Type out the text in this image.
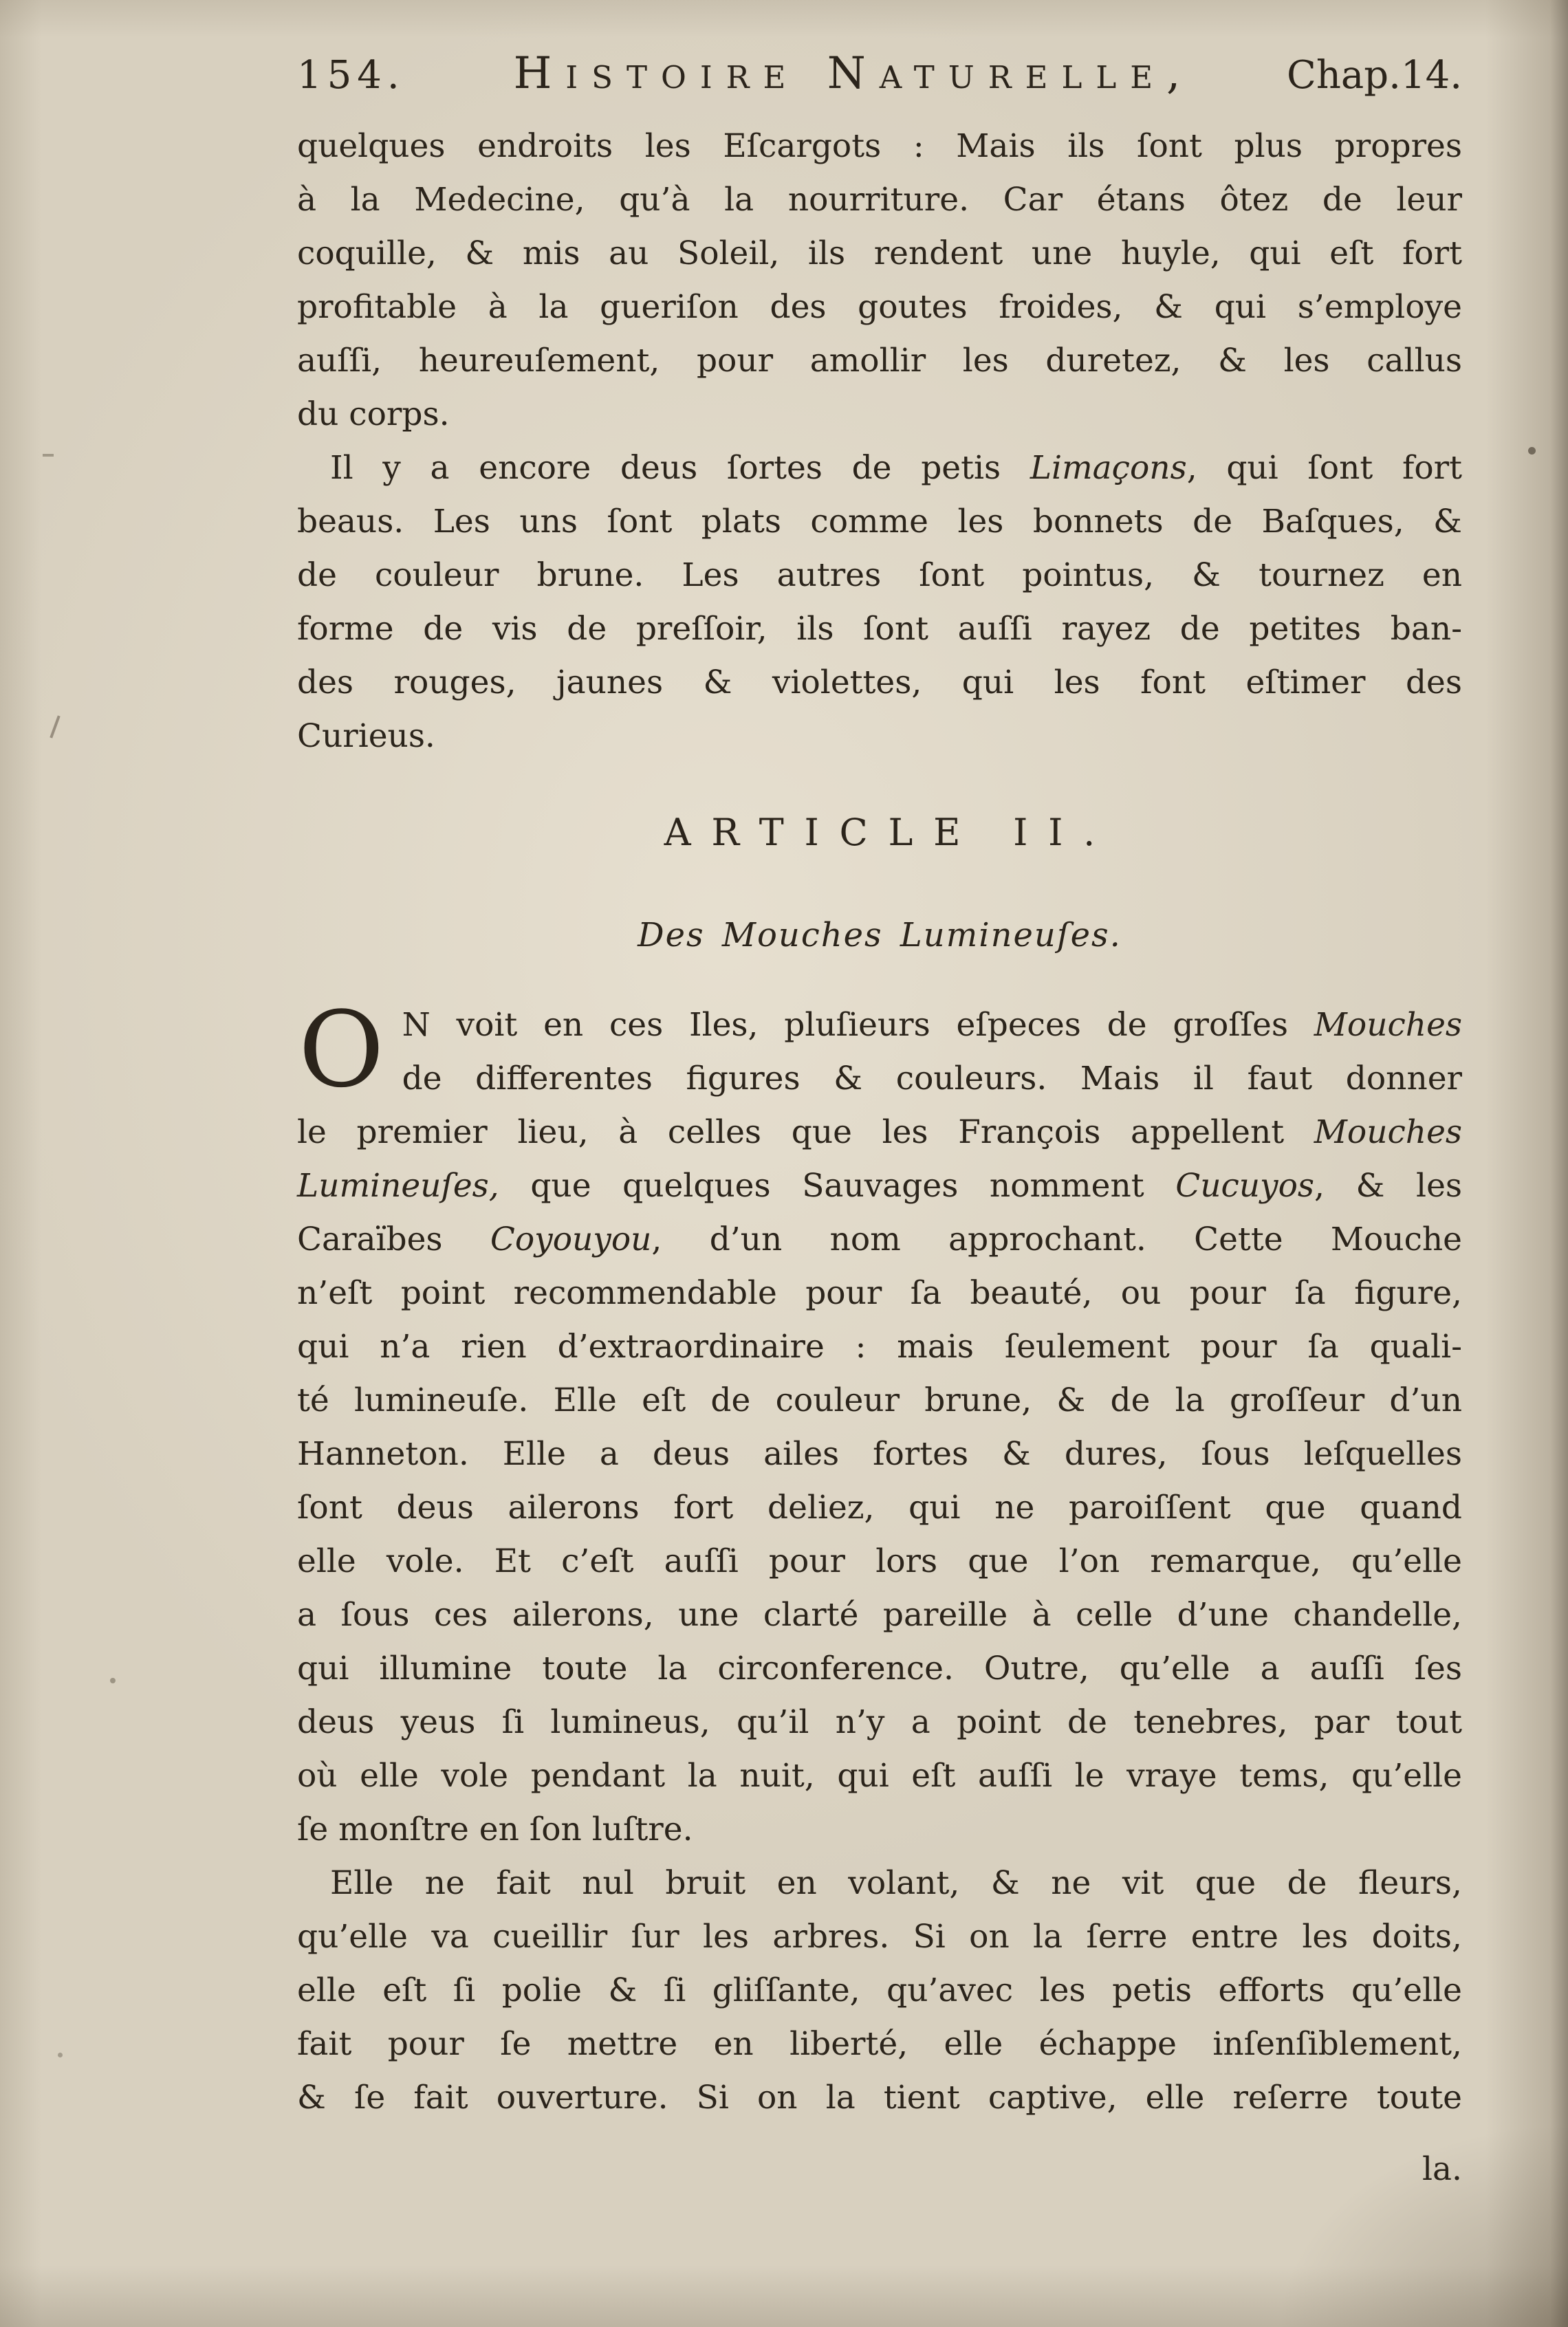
154.	Histoire Naturelle,	Chap.14.
quelques endroits les Eſcargots : Mais ils ſont plus propres
à la Medecine, qu’à la nourriture. Car étans ôtez de leur
coquille, & mis au Soleil, ils rendent une huyle, qui eſt fort
profitable à la gueriſon des goutes froides, & qui s’employe
auſſi, heureuſement, pour amollir les duretez, & les callus
du corps.
Il y a encore deus ſortes de petis Limaçons, qui ſont fort
beaus. Les uns ſont plats comme les bonnets de Baſques, &
de couleur brune. Les autres ſont pointus, & tournez en
forme de vis de preſſoir, ils ſont auſſi rayez de petites ban-
des rouges, jaunes & violettes, qui les font eſtimer des
Curieus.
ARTICLE II.
Des Mouches Lumineuſes.
O N voit en ces Iles, pluſieurs eſpeces de groſſes Mouches
de differentes figures & couleurs. Mais il faut donner
le premier lieu, à celles que les François appellent Mouches
Lumineuſes, que quelques Sauvages nomment Cucuyos, & les
Caraïbes Coyouyou, d’un nom approchant. Cette Mouche
n’eſt point recommendable pour ſa beauté, ou pour ſa figure,
qui n’a rien d’extraordinaire : mais ſeulement pour ſa quali-
té lumineuſe. Elle eſt de couleur brune, & de la groſſeur d’un
Hanneton. Elle a deus ailes fortes & dures, ſous leſquelles
ſont deus ailerons fort deliez, qui ne paroiſſent que quand
elle vole. Et c’eſt auſſi pour lors que l’on remarque, qu’elle
a ſous ces ailerons, une clarté pareille à celle d’une chandelle,
qui illumine toute la circonference. Outre, qu’elle a auſſi ſes
deus yeus ſi lumineus, qu’il n’y a point de tenebres, par tout
où elle vole pendant la nuit, qui eſt auſſi le vraye tems, qu’elle
ſe monſtre en ſon luſtre.
Elle ne fait nul bruit en volant, & ne vit que de fleurs,
qu’elle va cueillir ſur les arbres. Si on la ſerre entre les doits,
elle eſt ſi polie & ſi gliſſante, qu’avec les petis efforts qu’elle
fait pour ſe mettre en liberté, elle échappe inſenſiblement,
& ſe fait ouverture. Si on la tient captive, elle reſerre toute
la.
